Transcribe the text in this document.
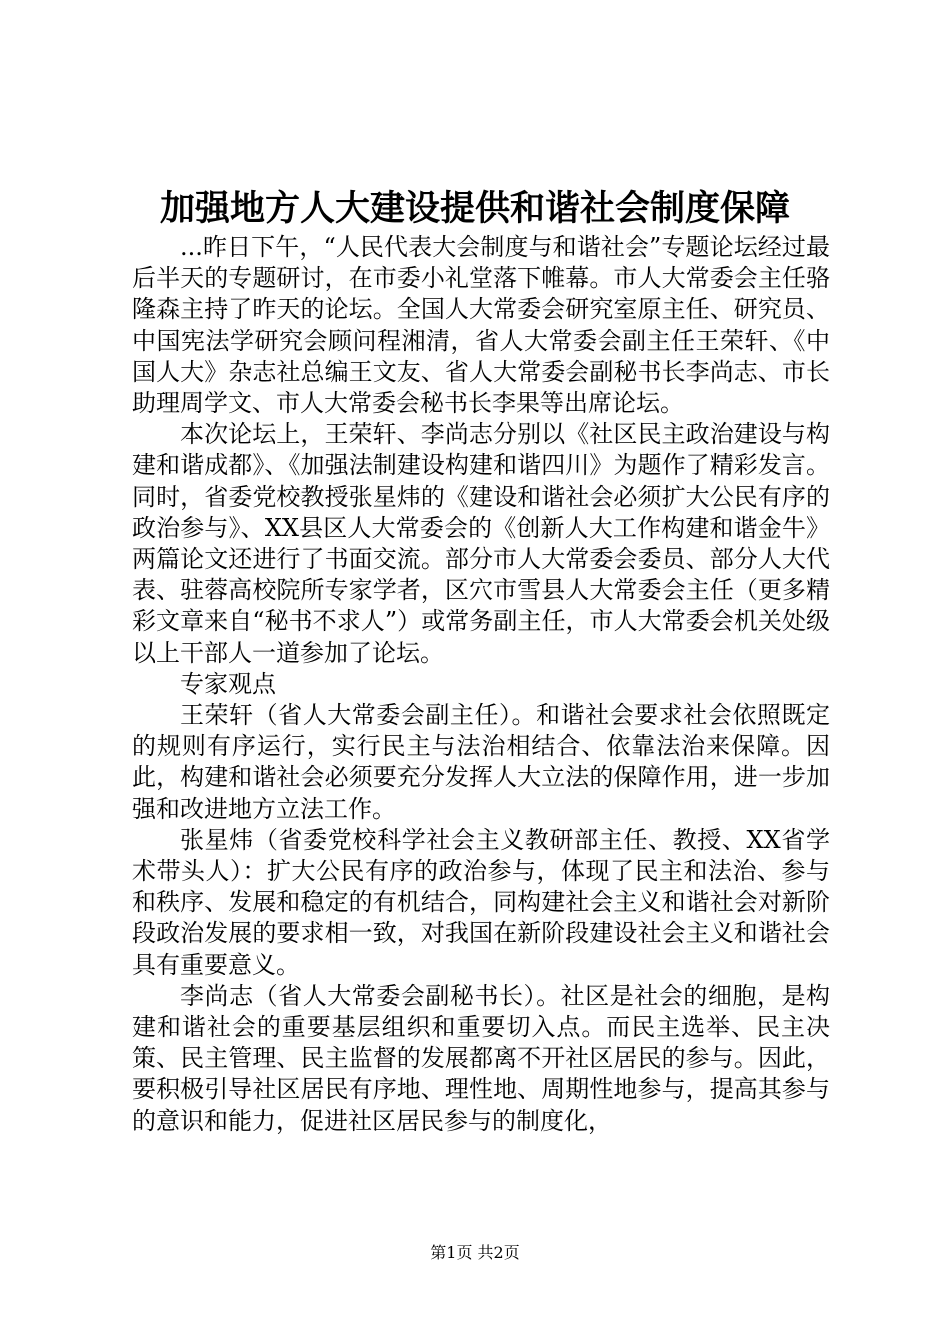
加强地方人大建设提供和谐社会制度保障

...昨日下午，“人民代表大会制度与和谐社会”专题论坛经过最后半天的专题研讨，在市委小礼堂落下帷幕。市人大常委会主任骆隆森主持了昨天的论坛。全国人大常委会研究室原主任、研究员、中国宪法学研究会顾问程湘清，省人大常委会副主任王荣轩、《中国人大》杂志社总编王文友、省人大常委会副秘书长李尚志、市长助理周学文、市人大常委会秘书长李果等出席论坛。

本次论坛上，王荣轩、李尚志分别以《社区民主政治建设与构建和谐成都》、《加强法制建设构建和谐四川》为题作了精彩发言。同时，省委党校教授张星炜的《建设和谐社会必须扩大公民有序的政治参与》、XX县区人大常委会的《创新人大工作构建和谐金牛》两篇论文还进行了书面交流。部分市人大常委会委员、部分人大代表、驻蓉高校院所专家学者，区穴市雪县人大常委会主任（更多精彩文章来自“秘书不求人”）或常务副主任，市人大常委会机关处级以上干部人一道参加了论坛。

专家观点

王荣轩（省人大常委会副主任）。和谐社会要求社会依照既定的规则有序运行，实行民主与法治相结合、依靠法治来保障。因此，构建和谐社会必须要充分发挥人大立法的保障作用，进一步加强和改进地方立法工作。

张星炜（省委党校科学社会主义教研部主任、教授、XX省学术带头人）：扩大公民有序的政治参与，体现了民主和法治、参与和秩序、发展和稳定的有机结合，同构建社会主义和谐社会对新阶段政治发展的要求相一致，对我国在新阶段建设社会主义和谐社会具有重要意义。

李尚志（省人大常委会副秘书长）。社区是社会的细胞，是构建和谐社会的重要基层组织和重要切入点。而民主选举、民主决策、民主管理、民主监督的发展都离不开社区居民的参与。因此，要积极引导社区居民有序地、理性地、周期性地参与，提高其参与的意识和能力，促进社区居民参与的制度化，

第1页 共2页
